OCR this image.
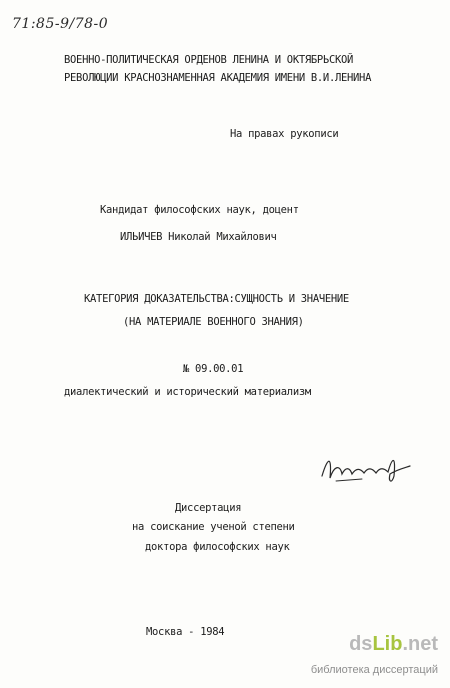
71:85-9/78-0
ВОЕННО-ПОЛИТИЧЕСКАЯ ОРДЕНОВ ЛЕНИНА И ОКТЯБРЬСКОЙ
РЕВОЛЮЦИИ КРАСНОЗНАМЕННАЯ АКАДЕМИЯ ИМЕНИ В.И.ЛЕНИНА
На правах рукописи
Кандидат философских наук, доцент
ИЛЬИЧЕВ Николай Михайлович
КАТЕГОРИЯ ДОКАЗАТЕЛЬСТВА:СУЩНОСТЬ И ЗНАЧЕНИЕ
(НА МАТЕРИАЛЕ ВОЕННОГО ЗНАНИЯ)
№ 09.00.01
диалектический и исторический материализм
Диссертация
на соискание ученой степени
доктора философских наук
Москва - 1984
dsLib.net
библиотека диссертаций
